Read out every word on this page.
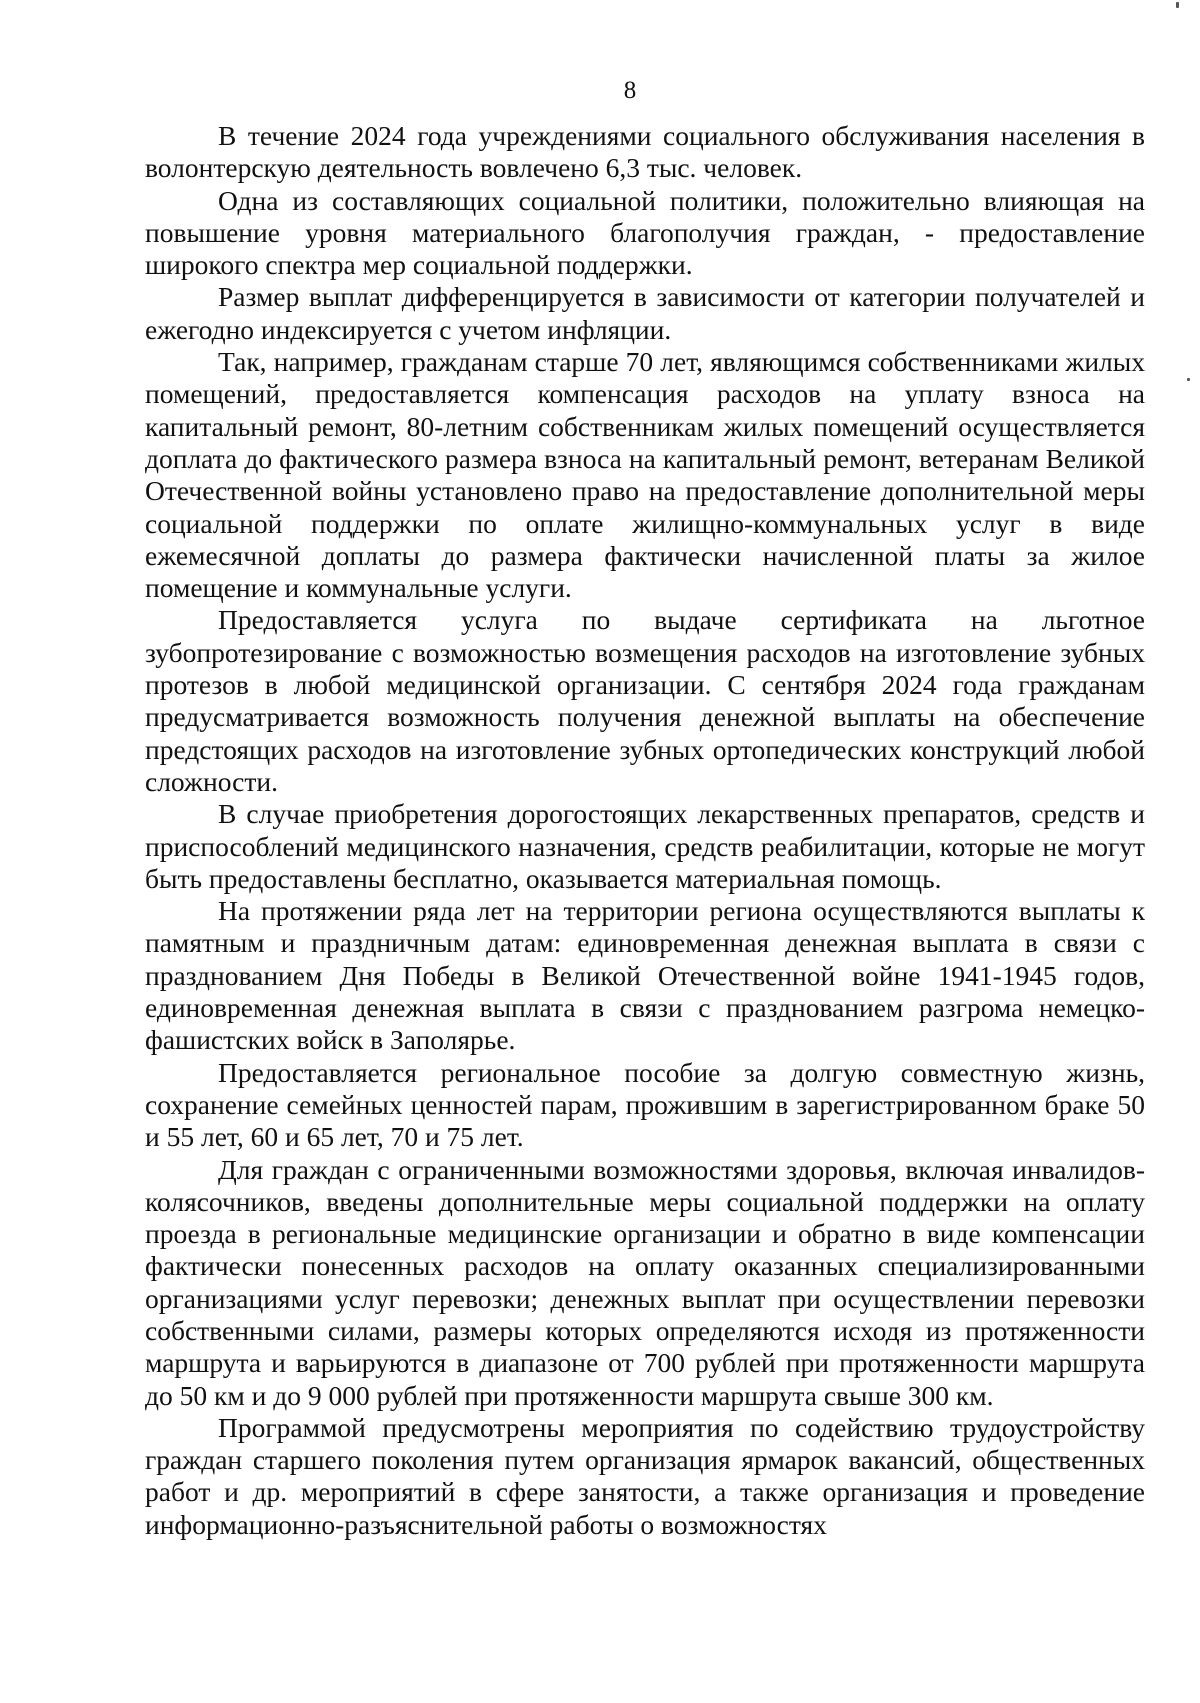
8

В течение 2024 года учреждениями социального обслуживания населения в волонтерскую деятельность вовлечено 6,3 тыс. человек.

Одна из составляющих социальной политики, положительно влияющая на повышение уровня материального благополучия граждан, - предоставление широкого спектра мер социальной поддержки.

Размер выплат дифференцируется в зависимости от категории получателей и ежегодно индексируется с учетом инфляции.

Так, например, гражданам старше 70 лет, являющимся собственниками жилых помещений, предоставляется компенсация расходов на уплату взноса на капитальный ремонт, 80-летним собственникам жилых помещений осуществляется доплата до фактического размера взноса на капитальный ремонт, ветеранам Великой Отечественной войны установлено право на предоставление дополнительной меры социальной поддержки по оплате жилищно-коммунальных услуг в виде ежемесячной доплаты до размера фактически начисленной платы за жилое помещение и коммунальные услуги.

Предоставляется услуга по выдаче сертификата на льготное зубопротезирование с возможностью возмещения расходов на изготовление зубных протезов в любой медицинской организации. С сентября 2024 года гражданам предусматривается возможность получения денежной выплаты на обеспечение предстоящих расходов на изготовление зубных ортопедических конструкций любой сложности.

В случае приобретения дорогостоящих лекарственных препаратов, средств и приспособлений медицинского назначения, средств реабилитации, которые не могут быть предоставлены бесплатно, оказывается материальная помощь.

На протяжении ряда лет на территории региона осуществляются выплаты к памятным и праздничным датам: единовременная денежная выплата в связи с празднованием Дня Победы в Великой Отечественной войне 1941-1945 годов, единовременная денежная выплата в связи с празднованием разгрома немецко-фашистских войск в Заполярье.

Предоставляется региональное пособие за долгую совместную жизнь, сохранение семейных ценностей парам, прожившим в зарегистрированном браке 50 и 55 лет, 60 и 65 лет, 70 и 75 лет.

Для граждан с ограниченными возможностями здоровья, включая инвалидов-колясочников, введены дополнительные меры социальной поддержки на оплату проезда в региональные медицинские организации и обратно в виде компенсации фактически понесенных расходов на оплату оказанных специализированными организациями услуг перевозки; денежных выплат при осуществлении перевозки собственными силами, размеры которых определяются исходя из протяженности маршрута и варьируются в диапазоне от 700 рублей при протяженности маршрута до 50 км и до 9 000 рублей при протяженности маршрута свыше 300 км.

Программой предусмотрены мероприятия по содействию трудоустройству граждан старшего поколения путем организация ярмарок вакансий, общественных работ и др. мероприятий в сфере занятости, а также организация и проведение информационно-разъяснительной работы о возможностях
